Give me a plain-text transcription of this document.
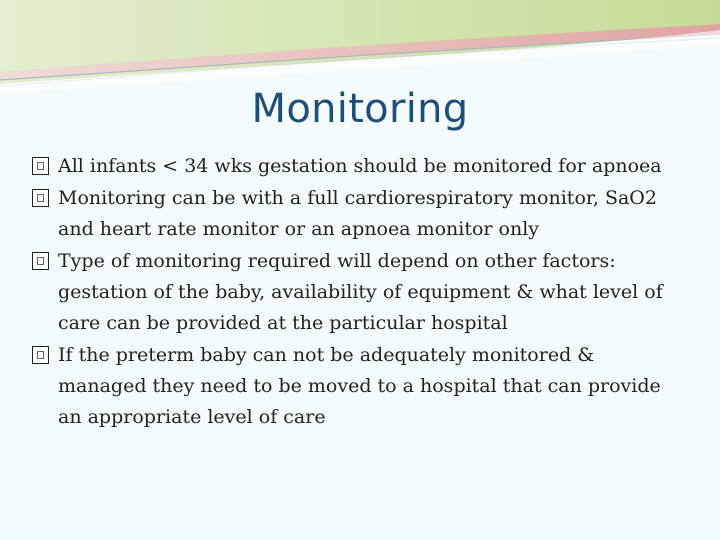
Monitoring
All infants < 34 wks gestation should be monitored for apnoea
Monitoring can be with a full cardiorespiratory monitor, SaO2 and heart rate monitor or an apnoea monitor only
Type of monitoring required will depend on other factors: gestation of the baby, availability of equipment & what level of care can be provided at the particular hospital
If the preterm baby can not be adequately monitored & managed they need to be moved to a hospital that can provide an appropriate level of care
